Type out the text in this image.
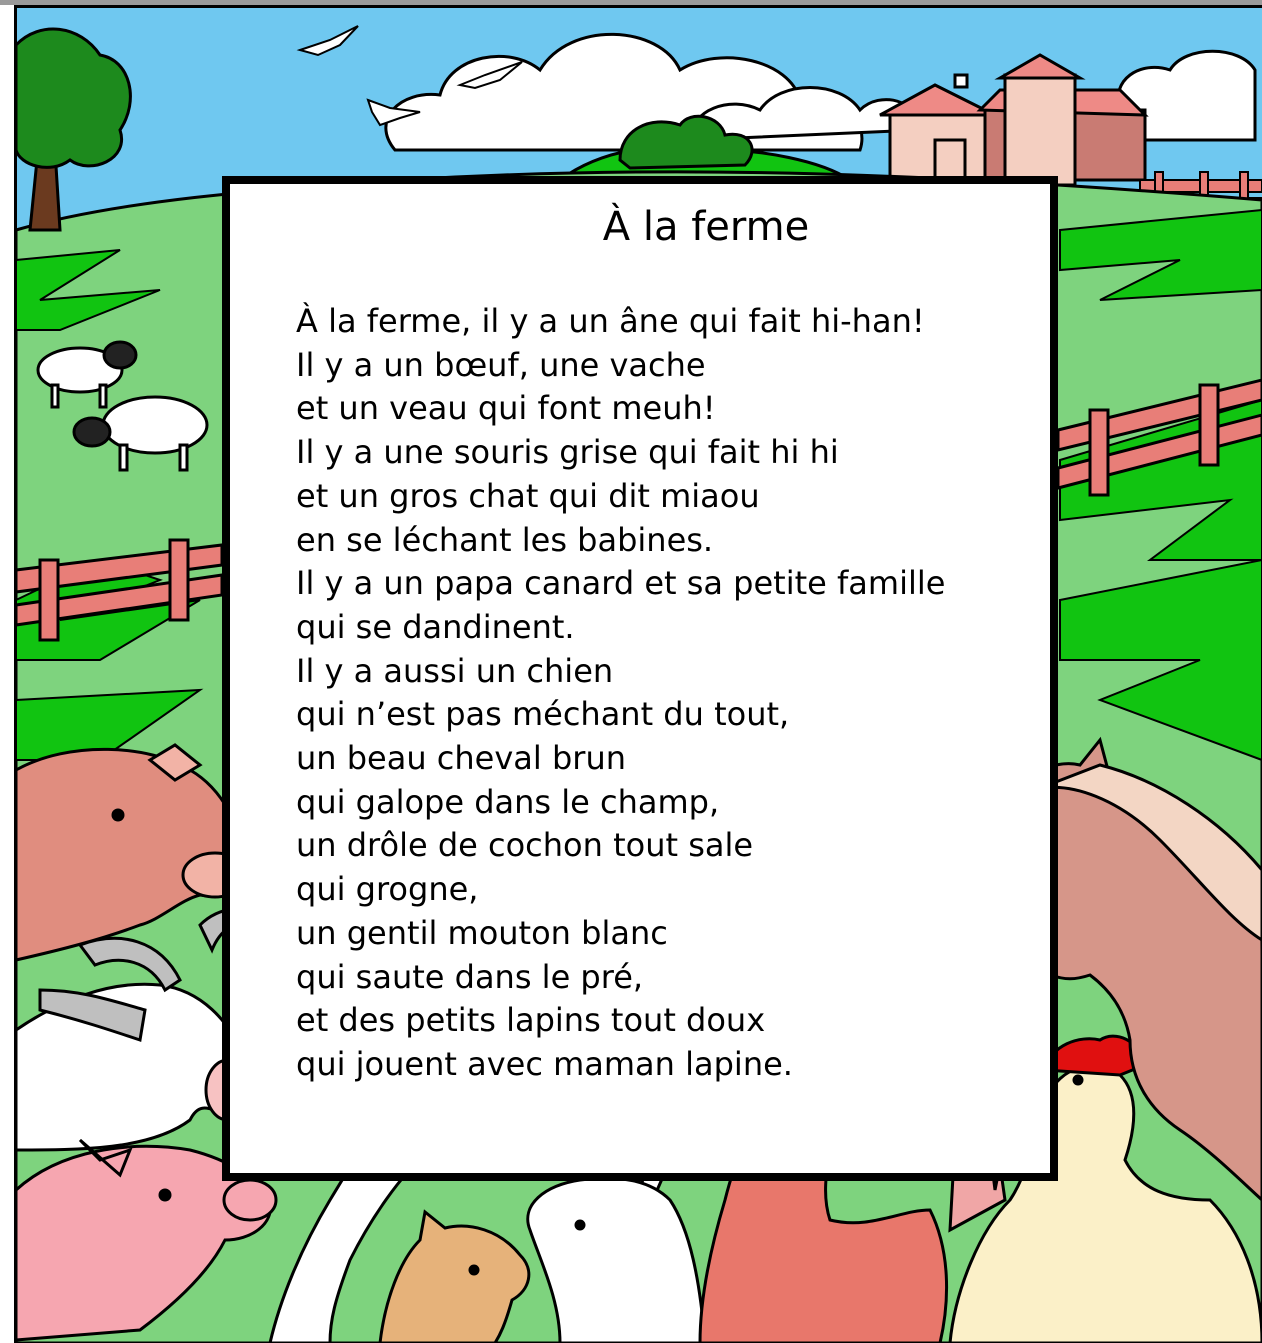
À la ferme
À la ferme, il y a un âne qui fait hi-han!
Il y a un bœuf, une vache
et un veau qui font meuh!
Il y a une souris grise qui fait hi hi
et un gros chat qui dit miaou
en se léchant les babines.
Il y a un papa canard et sa petite famille
qui se dandinent.
Il y a aussi un chien
qui n’est pas méchant du tout,
un beau cheval brun
qui galope dans le champ,
un drôle de cochon tout sale
qui grogne,
un gentil mouton blanc
qui saute dans le pré,
et des petits lapins tout doux
qui jouent avec maman lapine.
